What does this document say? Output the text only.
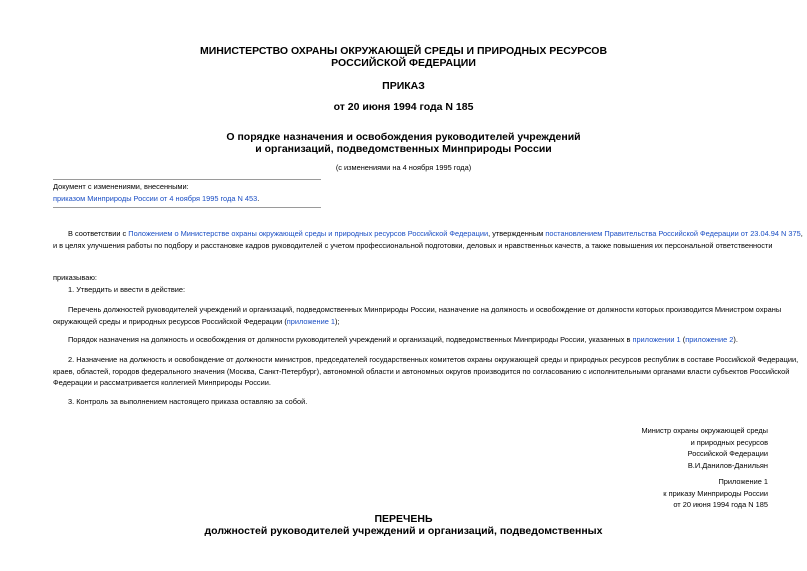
МИНИСТЕРСТВО ОХРАНЫ ОКРУЖАЮЩЕЙ СРЕДЫ И ПРИРОДНЫХ РЕСУРСОВ
РОССИЙСКОЙ ФЕДЕРАЦИИ
ПРИКАЗ
от 20 июня 1994 года N 185
О порядке назначения и освобождения руководителей учреждений
и организаций, подведомственных Минприроды России
(с изменениями на 4 ноября 1995 года)
Документ с изменениями, внесенными:
приказом Минприроды России от 4 ноября 1995 года N 453.
В соответствии с Положением о Министерстве охраны окружающей среды и природных ресурсов Российской Федерации, утвержденным постановлением Правительства Российской Федерации от 23.04.94 N 375,
и в целях улучшения работы по подбору и расстановке кадров руководителей с учетом профессиональной подготовки, деловых и нравственных качеств, а также повышения их персональной ответственности
приказываю:
1. Утвердить и ввести в действие:
Перечень должностей руководителей учреждений и организаций, подведомственных Минприроды России, назначение на должность и освобождение от должности которых производится Министром охраны
окружающей среды и природных ресурсов Российской Федерации (приложение 1);
Порядок назначения на должность и освобождения от должности руководителей учреждений и организаций, подведомственных Минприроды России, указанных в приложении 1 (приложение 2).
2. Назначение на должность и освобождение от должности министров, председателей государственных комитетов охраны окружающей среды и природных ресурсов республик в составе Российской Федерации,
краев, областей, городов федерального значения (Москва, Санкт-Петербург), автономной области и автономных округов производится по согласованию с исполнительными органами власти субъектов Российской
Федерации и рассматривается коллегией Минприроды России.
3. Контроль за выполнением настоящего приказа оставляю за собой.
Министр охраны окружающей среды
и природных ресурсов
Российской Федерации
В.И.Данилов-Данильян
Приложение 1
к приказу Минприроды России
от 20 июня 1994 года N 185
ПЕРЕЧЕНЬ
должностей руководителей учреждений и организаций, подведомственных
